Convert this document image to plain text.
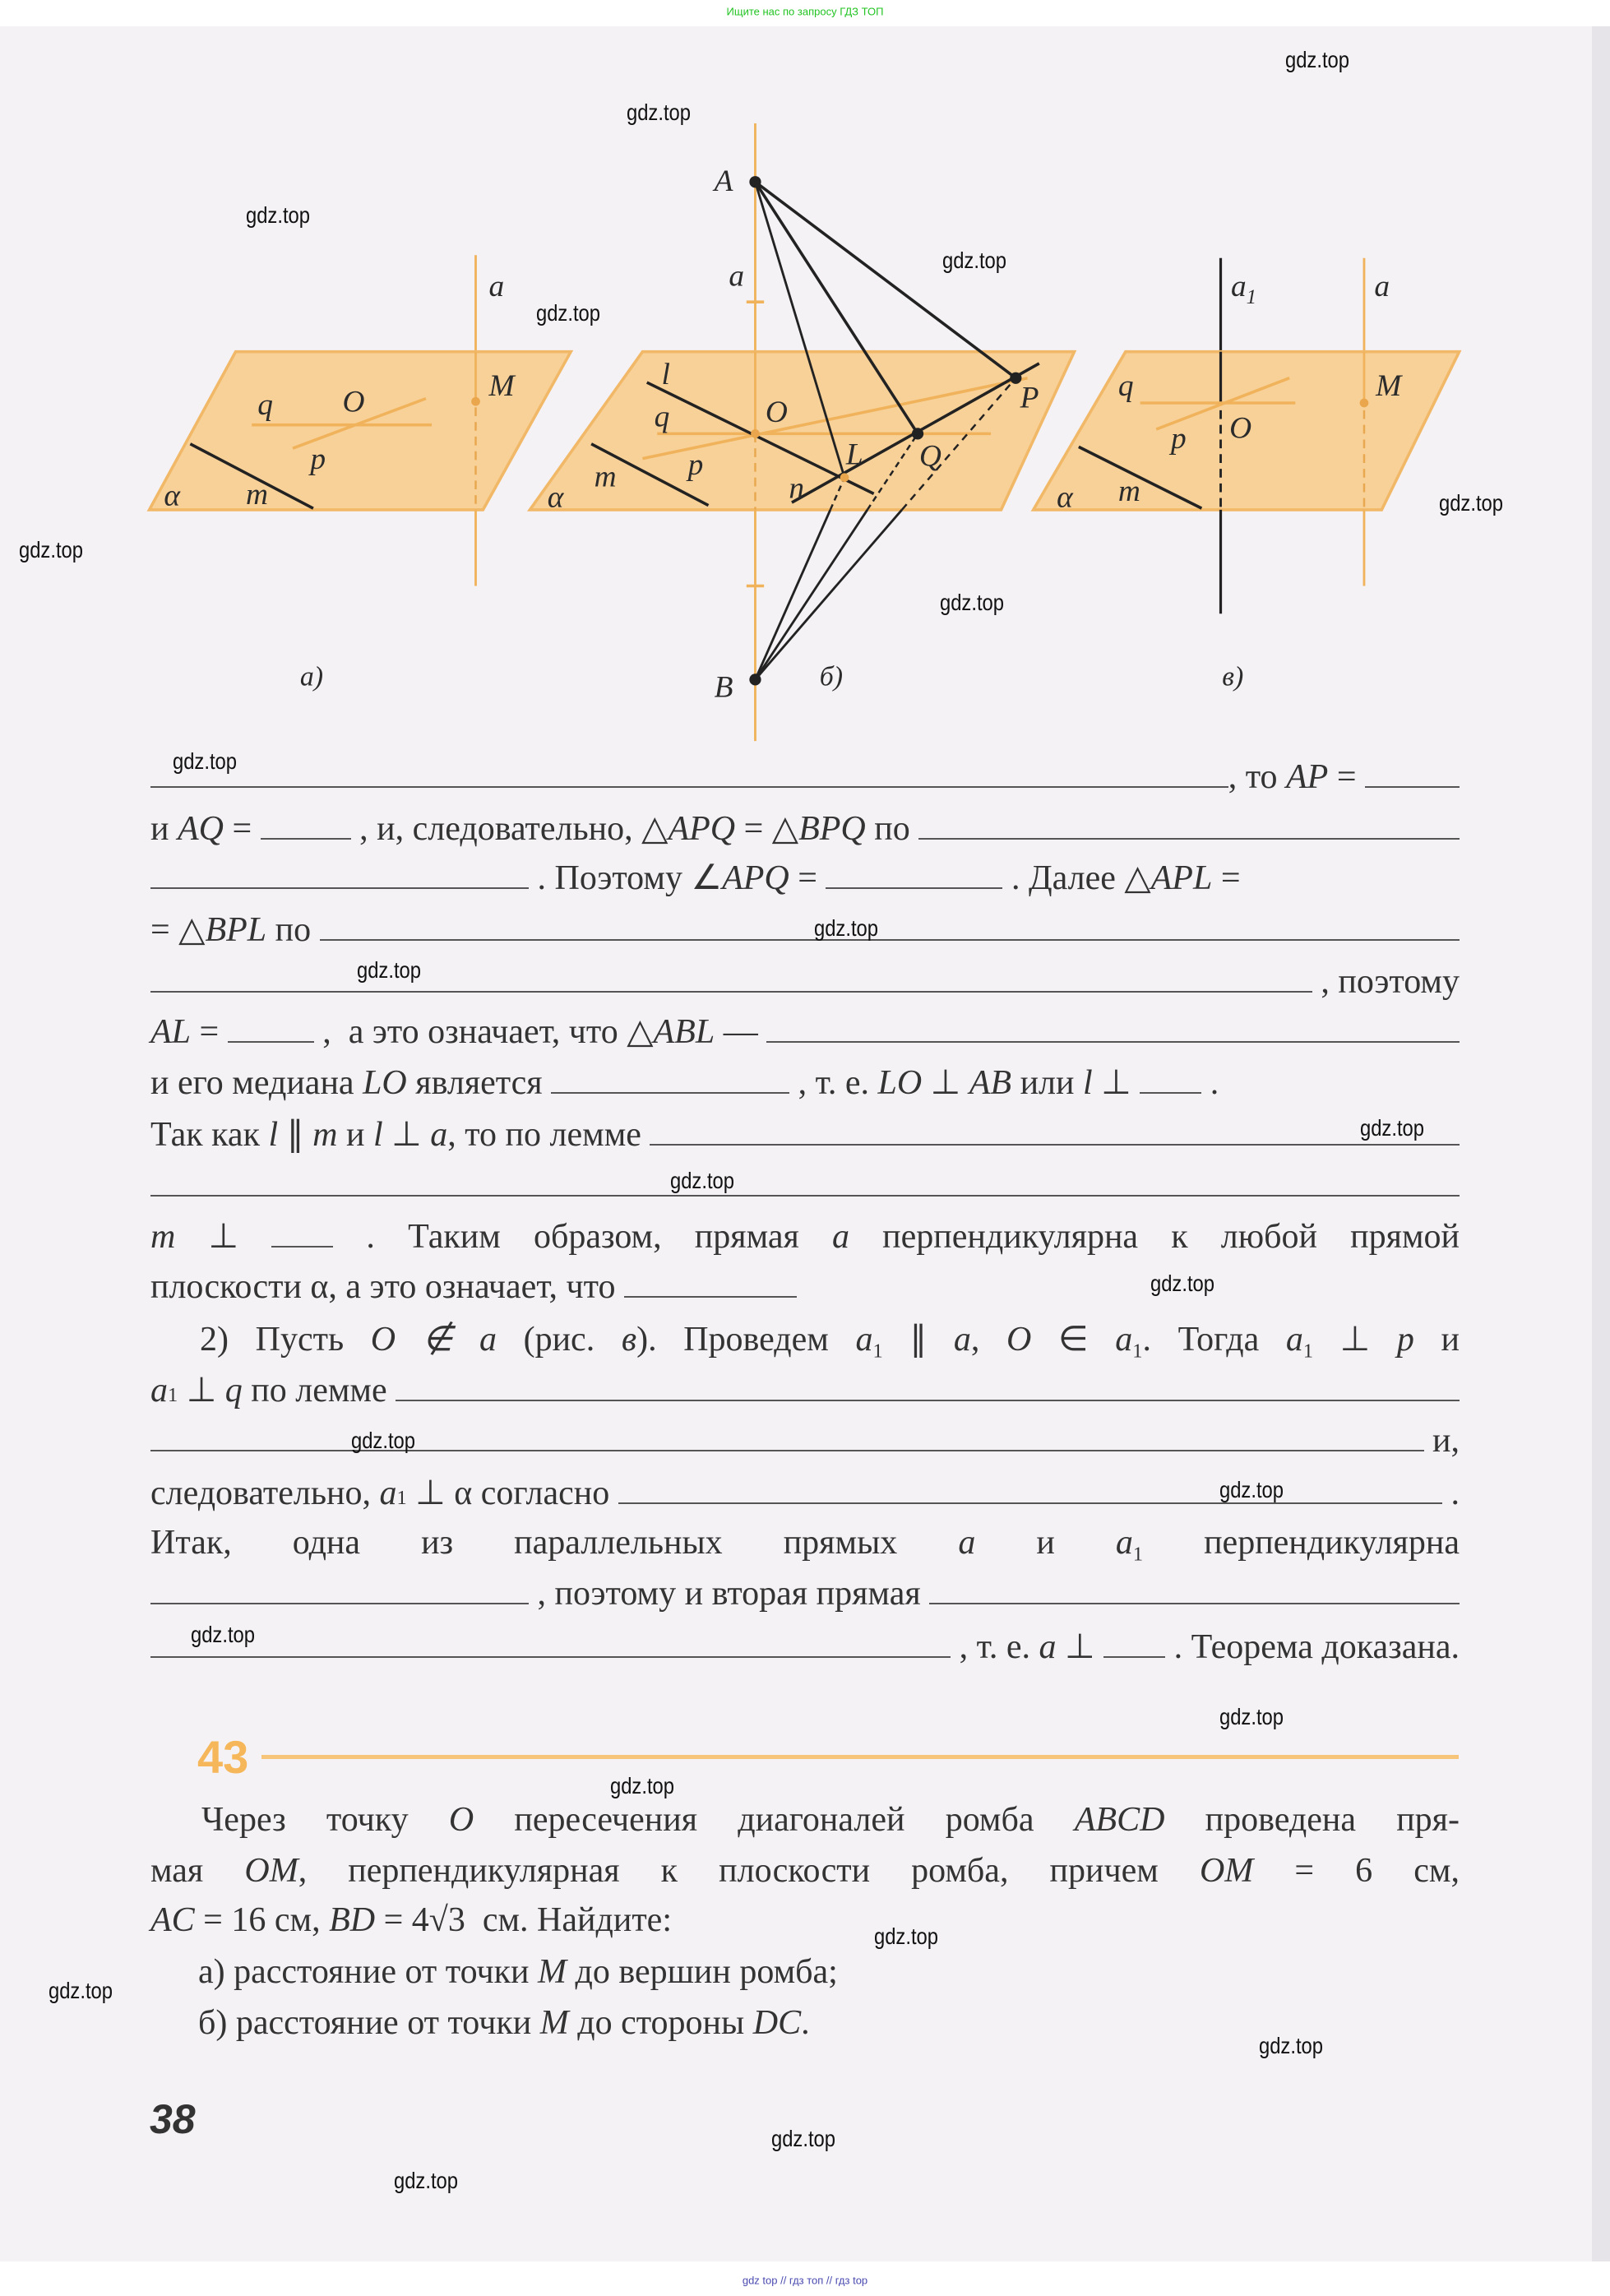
Ищите нас по запросу ГДЗ ТОП
a
M
q	O
p
α	m
а)
A
B
a
l
q	O
p
m
α	n
L	Q
P
б)
$a_1$	a
q	M
p	O
α	m
в)
, то AP =
и AQ =	, и, следовательно, △ APQ = △ BPQ по
. Поэтому ∠APQ =	. Далее △APL =
= △ BPL по
, поэтому
AL =	,  а это означает, что △ ABL —
и его медиана LO является	, т. е. LO ⊥ AB или l ⊥  .
Так как l ∥ m и l ⊥ a , то по лемме
m ⊥  . Таким образом, прямая a перпендикулярна к любой прямой
плоскости α, а это означает, что
2) Пусть O ∉ a (рис. в). Проведем $a_1$ ∥ a, O ∈ $a_1$. Тогда $a_1$ ⊥ p и
a 1 ⊥ q по лемме
и,
следовательно, a 1 ⊥ α согласно	.
Итак, одна из параллельных прямых a и $a_1$ перпендикулярна
, поэтому и вторая прямая
, т. е. a ⊥ . Теорема доказана.
43
Через точку O пересечения диагоналей ромба ABCD проведена пря-
мая OM, перпендикулярная к плоскости ромба, причем OM = 6 см,
AC = 16 см, BD = 4√3  см. Найдите:
а) расстояние от точки M до вершин ромба;
б) расстояние от точки M до стороны DC.
38
gdz.top
gdz.top
gdz.top
gdz.top
gdz.top
gdz.top
gdz.top
gdz.top
gdz.top
gdz.top
gdz.top
gdz.top
gdz.top
gdz.top
gdz.top
gdz.top
gdz.top
gdz.top
gdz.top
gdz.top
gdz.top
gdz.top
gdz.top
gdz.top
gdz top // гдз топ // гдз top
